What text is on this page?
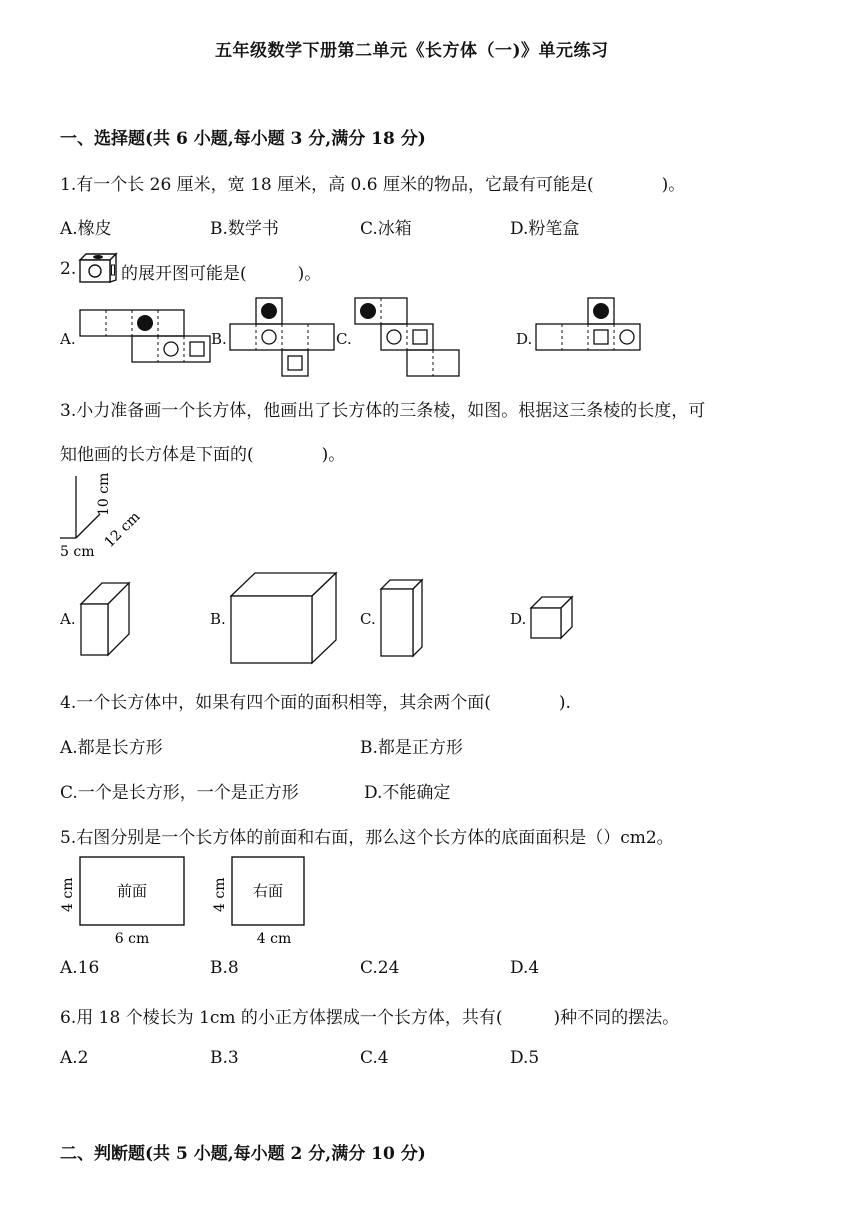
五年级数学下册第二单元《长方体（一)》单元练习
一、选择题(共 6 小题,每小题 3 分,满分 18 分)
1.有一个长 26 厘米，宽 18 厘米，高 0.6 厘米的物品，它最有可能是(　　　　)。
A.橡皮	B.数学书	C.冰箱	D.粉笔盒
2.	的展开图可能是(　　　)。
A.	B.	C.	D.
3.小力准备画一个长方体，他画出了长方体的三条棱，如图。根据这三条棱的长度，可
知他画的长方体是下面的(　　　　)。
10 cm
12 cm
5 cm
A.	B.	C.	D.
4.一个长方体中，如果有四个面的面积相等，其余两个面(　　　　).
A.都是长方形	B.都是正方形
C.一个是长方形，一个是正方形	D.不能确定
5.右图分别是一个长方体的前面和右面，那么这个长方体的底面面积是（）cm2。
前面
4 cm
6 cm
右面
4 cm
4 cm
A.16	B.8	C.24	D.4
6.用 18 个棱长为 1cm 的小正方体摆成一个长方体，共有(　　　)种不同的摆法。
A.2	B.3	C.4	D.5
二、判断题(共 5 小题,每小题 2 分,满分 10 分)
